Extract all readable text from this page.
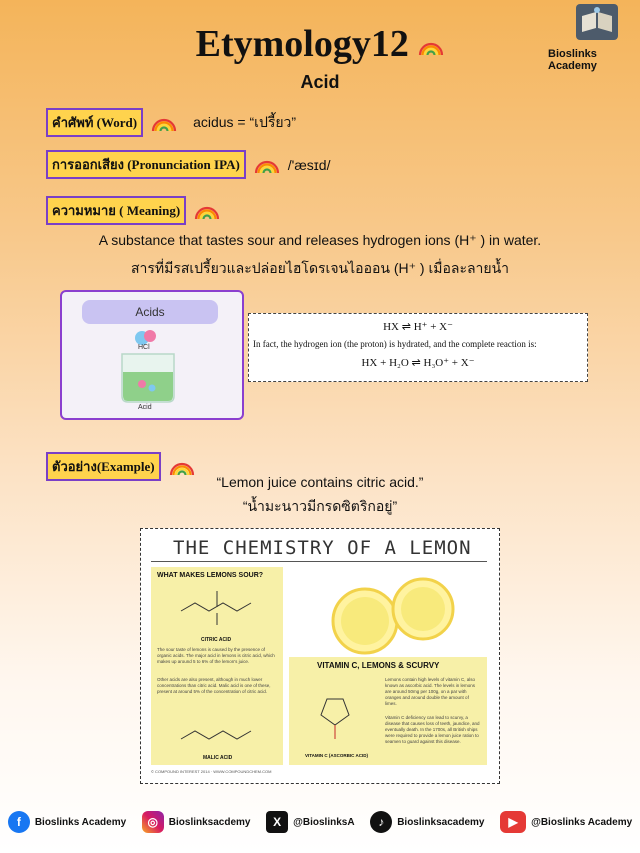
Etymology12
Acid
Bioslinks Academy
คำศัพท์ (Word)	acidus = “เปรี้ยว”
การออกเสียง (Pronunciation IPA)	/'æsɪd/
ความหมาย ( Meaning)
A substance that tastes sour and releases hydrogen ions (H⁺ ) in water.
สารที่มีรสเปรี้ยวและปล่อยไฮโดรเจนไอออน (H⁺ ) เมื่อละลายน้ำ
Acids
HCl
Acid
HX ⇌ H⁺ + X⁻
In fact, the hydrogen ion (the proton) is hydrated, and the complete reaction is:
HX + H₂O ⇌ H₃O⁺ + X⁻
ตัวอย่าง(Example)
“Lemon juice contains citric acid.”
“น้ำมะนาวมีกรดซิตริกอยู่”
THE CHEMISTRY OF A LEMON
WHAT MAKES LEMONS SOUR?
CITRIC ACID
The sour taste of lemons is caused by the presence of organic acids. The major acid in lemons is citric acid, which makes up around 5 to 6% of the lemon's juice.
Other acids are also present, although in much lower concentrations than citric acid. Malic acid is one of these, present at around 5% of the concentration of citric acid.
MALIC ACID
VITAMIN C, LEMONS & SCURVY
VITAMIN C (ASCORBIC ACID)
Lemons contain high levels of vitamin C, also known as ascorbic acid. The levels in lemons are around 50mg per 100g, on a par with oranges and around double the amount of limes.
Vitamin C deficiency can lead to scurvy, a disease that causes loss of teeth, jaundice, and eventually death. In the 1700s, all British ships were required to provide a lemon juice ration to seamen to guard against this disease.
© COMPOUND INTEREST 2014 · WWW.COMPOUNDCHEM.COM
f	Bioslinks Academy	◎	Bioslinksacdemy	X	@BioslinksA	♪	Bioslinksacademy	▶	@Bioslinks Academy
